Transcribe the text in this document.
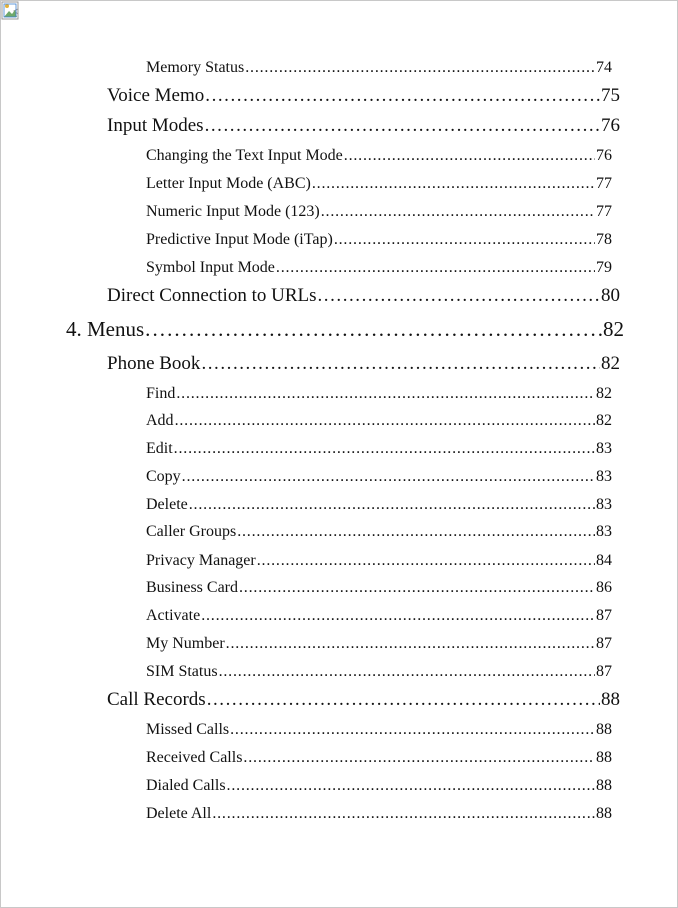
Memory Status . . .	74
Voice Memo . . .	75
Input Modes . . .	76
Changing the Text Input Mode . . .	76
Letter Input Mode (ABC) . . .	77
Numeric Input Mode (123) . . .	77
Predictive Input Mode (iTap) . . .	78
Symbol Input Mode . . .	79
Direct Connection to URLs . . .	80
4. Menus . . .	82
Phone Book . . .	82
Find . . .	82
Add . . .	82
Edit . . .	83
Copy . . .	83
Delete . . .	83
Caller Groups . . .	83
Privacy Manager . . .	84
Business Card . . .	86
Activate . . .	87
My Number . . .	87
SIM Status . . .	87
Call Records . . .	88
Missed Calls . . .	88
Received Calls . . .	88
Dialed Calls . . .	88
Delete All . . .	88
